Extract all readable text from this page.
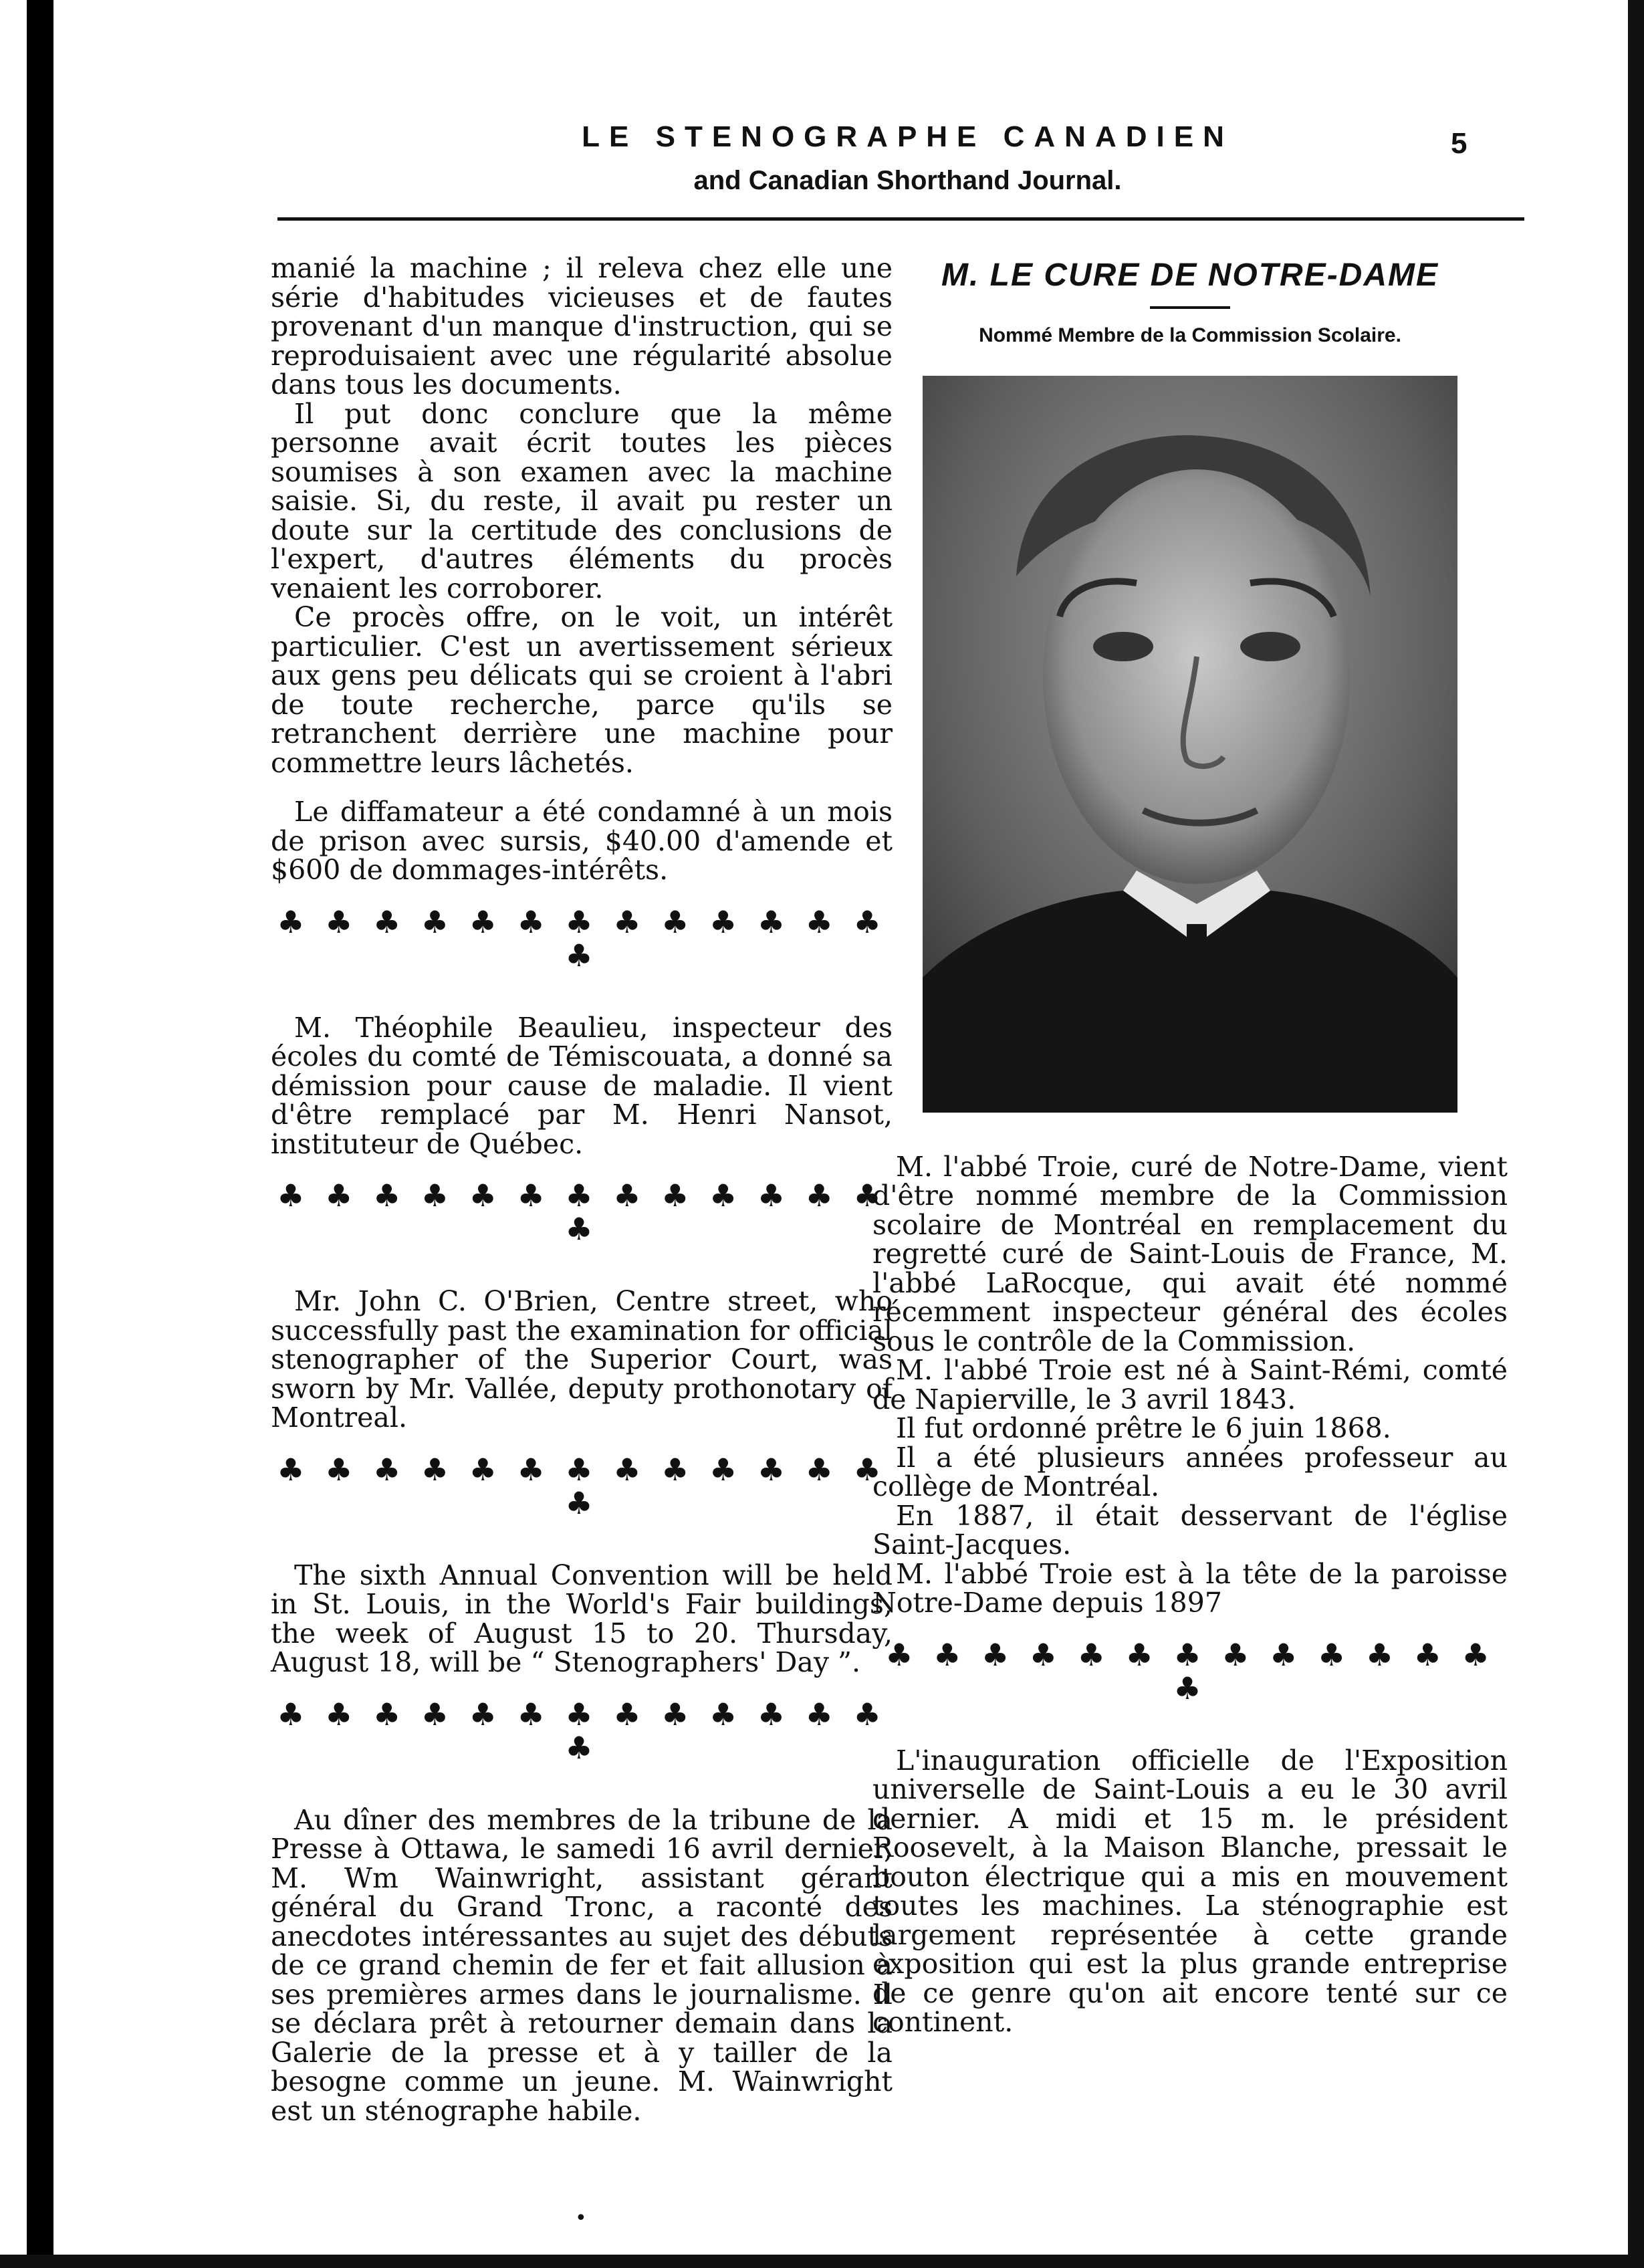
LE STENOGRAPHE CANADIEN
and Canadian Shorthand Journal.
5

manié la machine ; il releva chez elle une série d'habitudes vicieuses et de fautes provenant d'un manque d'instruction, qui se reproduisaient avec une régularité absolue dans tous les documents.

Il put donc conclure que la même personne avait écrit toutes les pièces soumises à son examen avec la machine saisie. Si, du reste, il avait pu rester un doute sur la certitude des conclusions de l'expert, d'autres éléments du procès venaient les corroborer.

Ce procès offre, on le voit, un intérêt particulier. C'est un avertissement sérieux aux gens peu délicats qui se croient à l'abri de toute recherche, parce qu'ils se retranchent derrière une machine pour commettre leurs lâchetés.

Le diffamateur a été condamné à un mois de prison avec sursis, $40.00 d'amende et $600 de dommages-intérêts.

♣ ♣ ♣ ♣ ♣ ♣ ♣ ♣ ♣ ♣ ♣ ♣ ♣ ♣

M. Théophile Beaulieu, inspecteur des écoles du comté de Témiscouata, a donné sa démission pour cause de maladie. Il vient d'être remplacé par M. Henri Nansot, instituteur de Québec.

♣ ♣ ♣ ♣ ♣ ♣ ♣ ♣ ♣ ♣ ♣ ♣ ♣ ♣

Mr. John C. O'Brien, Centre street, who successfully past the examination for official stenographer of the Superior Court, was sworn by Mr. Vallée, deputy prothonotary of Montreal.

♣ ♣ ♣ ♣ ♣ ♣ ♣ ♣ ♣ ♣ ♣ ♣ ♣ ♣

The sixth Annual Convention will be held in St. Louis, in the World's Fair buildings, the week of August 15 to 20. Thursday, August 18, will be “ Stenographers' Day ”.

♣ ♣ ♣ ♣ ♣ ♣ ♣ ♣ ♣ ♣ ♣ ♣ ♣ ♣

Au dîner des membres de la tribune de la Presse à Ottawa, le samedi 16 avril dernier, M. Wm Wainwright, assistant gérant général du Grand Tronc, a raconté des anecdotes intéressantes au sujet des débuts de ce grand chemin de fer et fait allusion à ses premières armes dans le journalisme. Il se déclara prêt à retourner demain dans la Galerie de la presse et à y tailler de la besogne comme un jeune. M. Wainwright est un sténographe habile.

M. LE CURE DE NOTRE-DAME
Nommé Membre de la Commission Scolaire.

M. l'abbé Troie, curé de Notre-Dame, vient d'être nommé membre de la Commission scolaire de Montréal en remplacement du regretté curé de Saint-Louis de France, M. l'abbé LaRocque, qui avait été nommé récemment inspecteur général des écoles sous le contrôle de la Commission.

M. l'abbé Troie est né à Saint-Rémi, comté de Napierville, le 3 avril 1843.

Il fut ordonné prêtre le 6 juin 1868.

Il a été plusieurs années professeur au collège de Montréal.

En 1887, il était desservant de l'église Saint-Jacques.

M. l'abbé Troie est à la tête de la paroisse Notre-Dame depuis 1897

♣ ♣ ♣ ♣ ♣ ♣ ♣ ♣ ♣ ♣ ♣ ♣ ♣ ♣

L'inauguration officielle de l'Exposition universelle de Saint-Louis a eu le 30 avril dernier. A midi et 15 m. le président Roosevelt, à la Maison Blanche, pressait le bouton électrique qui a mis en mouvement toutes les machines. La sténographie est largement représentée à cette grande exposition qui est la plus grande entreprise de ce genre qu'on ait encore tenté sur ce continent.

•
